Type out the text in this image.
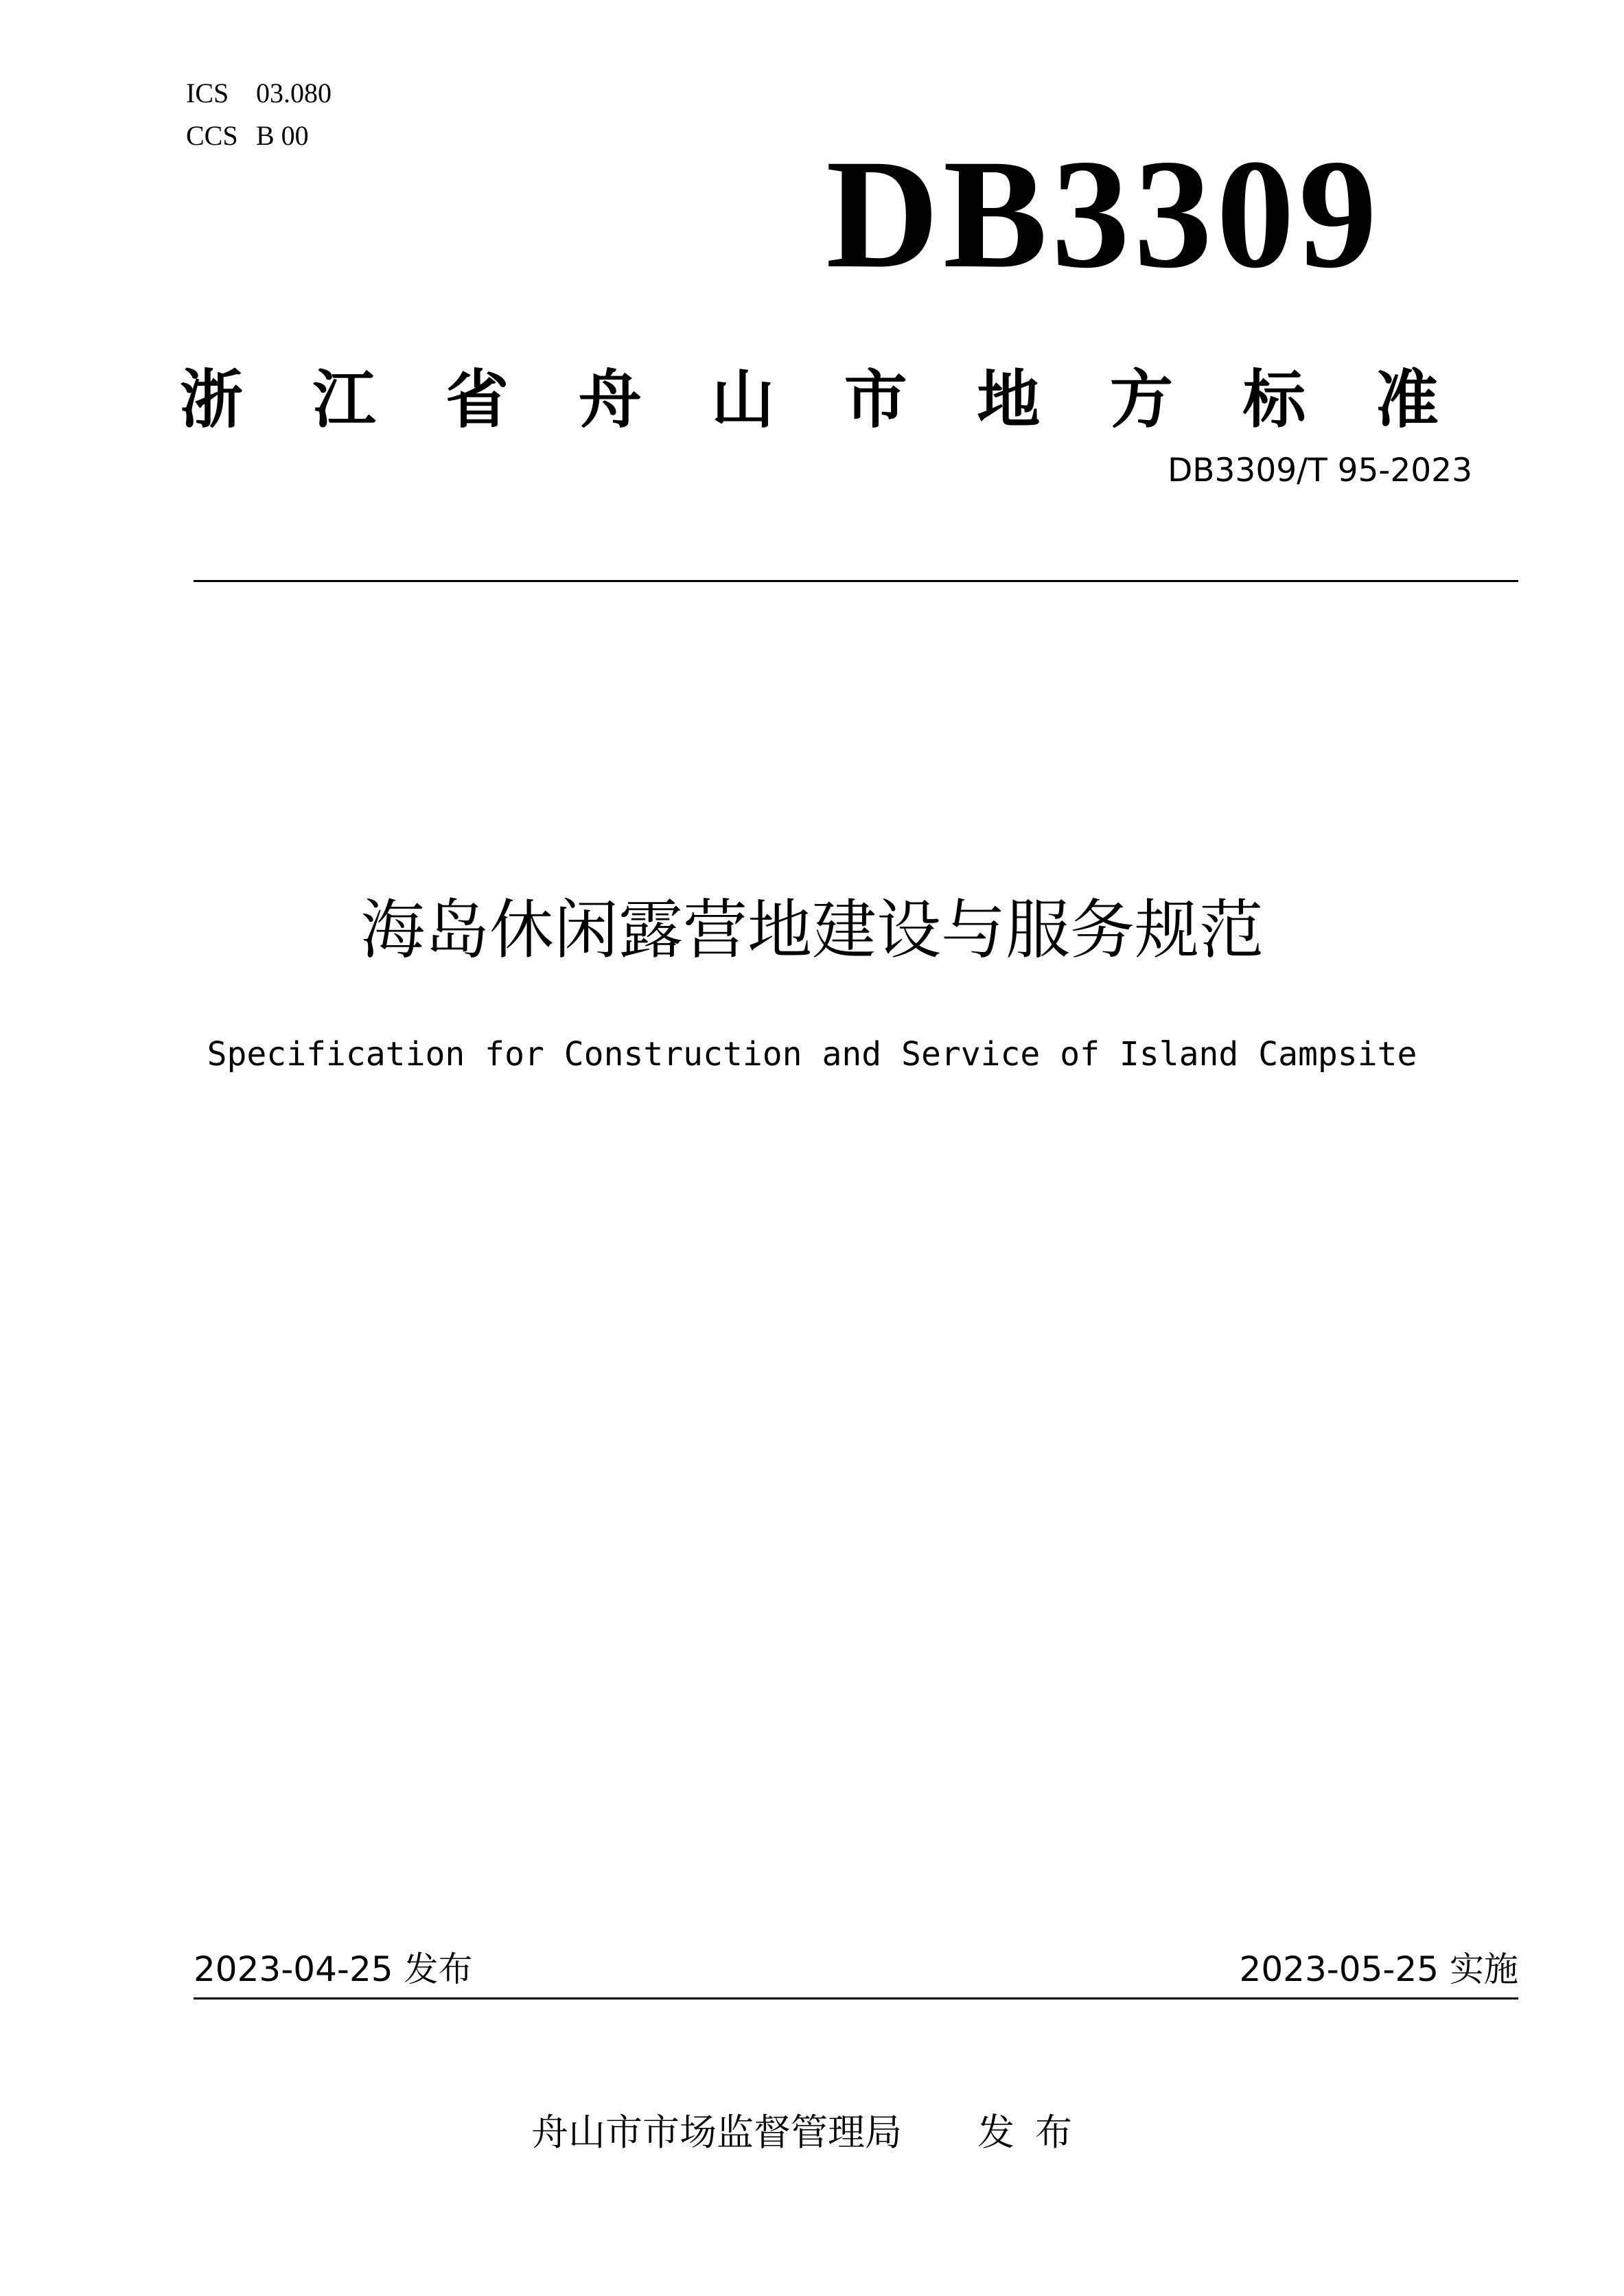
ICS 03.080
CCS B 00	DB3309
浙江省舟山市地方标准
DB3309/T 95-2023
海岛休闲露营地建设与服务规范
Specification for Construction and Service of Island Campsite
2023-04-25 发布	2023-05-25 实施
舟山市市场监督管理局 发布
